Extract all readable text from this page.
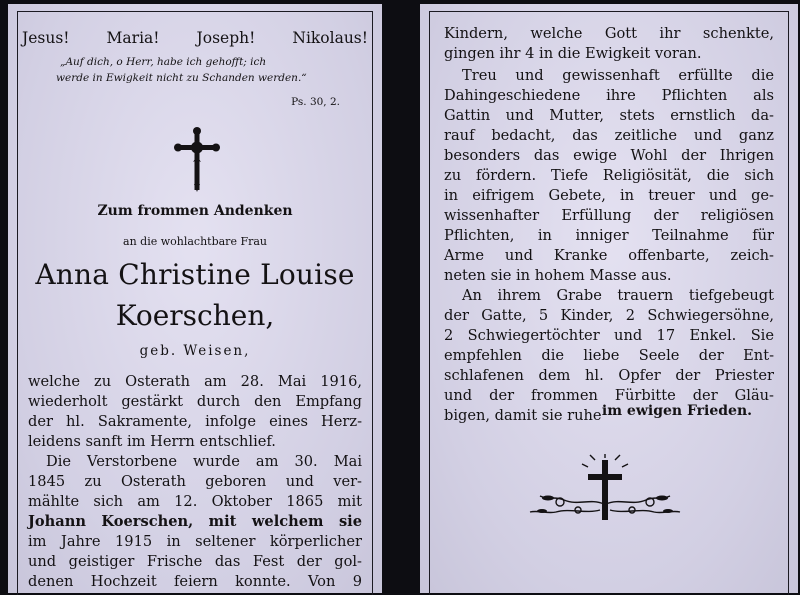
Jesus! Maria! Joseph! Nikolaus!
„Auf dich, o Herr, habe ich gehofft; ich
werde in Ewigkeit nicht zu Schanden werden.“
Ps. 30, 2.
Zum frommen Andenken
an die wohlachtbare Frau
Anna Christine Louise
Koerschen,
geb. Weisen,
welche zu Osterath am 28. Mai 1916,
wiederholt gestärkt durch den Empfang
der hl. Sakramente, infolge eines Herz-
leidens sanft im Herrn entschlief.
Die Verstorbene wurde am 30. Mai
1845 zu Osterath geboren und ver-
mählte sich am 12. Oktober 1865 mit
Johann Koerschen, mit welchem sie
im Jahre 1915 in seltener körperlicher
und geistiger Frische das Fest der gol-
denen Hochzeit feiern konnte. Von 9
Kindern, welche Gott ihr schenkte,
gingen ihr 4 in die Ewigkeit voran.
Treu und gewissenhaft erfüllte die
Dahingeschiedene ihre Pflichten als
Gattin und Mutter, stets ernstlich da-
rauf bedacht, das zeitliche und ganz
besonders das ewige Wohl der Ihrigen
zu fördern. Tiefe Religiösität, die sich
in eifrigem Gebete, in treuer und ge-
wissenhafter Erfüllung der religiösen
Pflichten, in inniger Teilnahme für
Arme und Kranke offenbarte, zeich-
neten sie in hohem Masse aus.
An ihrem Grabe trauern tiefgebeugt
der Gatte, 5 Kinder, 2 Schwiegersöhne,
2 Schwiegertöchter und 17 Enkel. Sie
empfehlen die liebe Seele der Ent-
schlafenen dem hl. Opfer der Priester
und der frommen Fürbitte der Gläu-
bigen, damit sie ruhe im ewigen Frieden.
